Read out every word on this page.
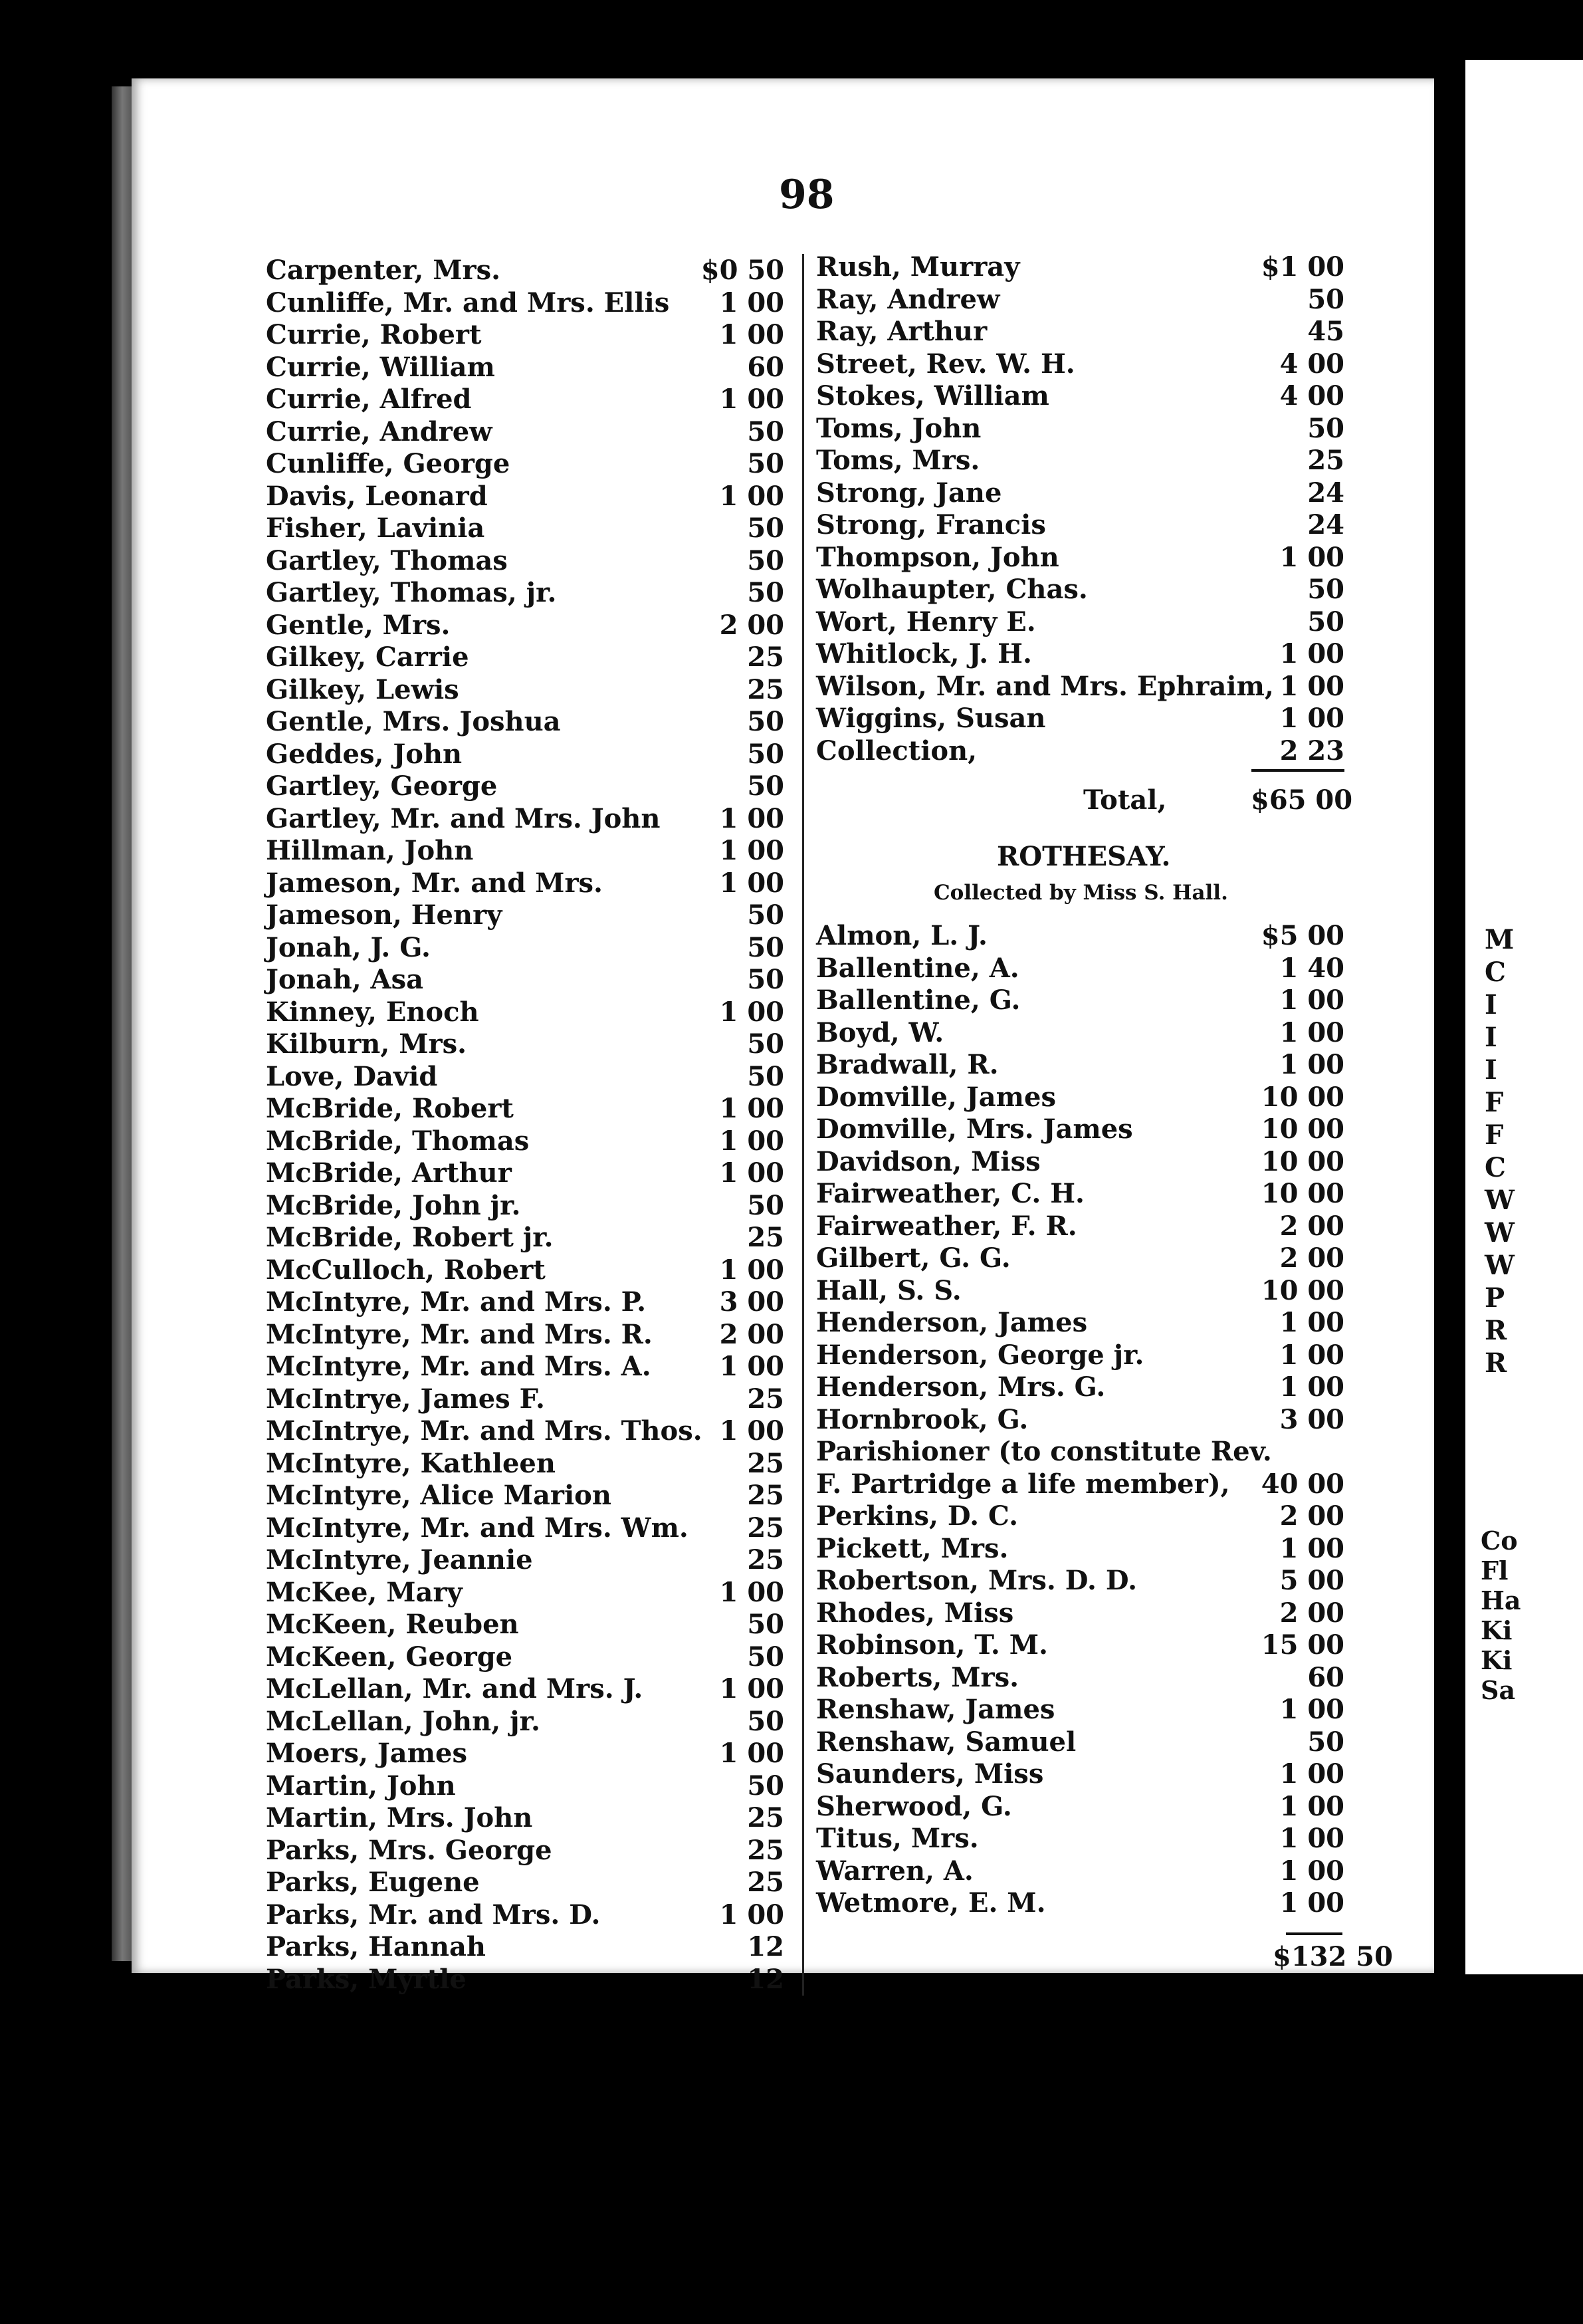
98
Carpenter, Mrs.	$0 50
Cunliffe, Mr. and Mrs. Ellis 1 00
Currie, Robert	1 00
Currie, William	60
Currie, Alfred	1 00
Currie, Andrew	50
Cunliffe, George	50
Davis, Leonard	1 00
Fisher, Lavinia	50
Gartley, Thomas	50
Gartley, Thomas, jr.	50
Gentle, Mrs.	2 00
Gilkey, Carrie	25
Gilkey, Lewis	25
Gentle, Mrs. Joshua	50
Geddes, John	50
Gartley, George	50
Gartley, Mr. and Mrs. John 1 00
Hillman, John	1 00
Jameson, Mr. and Mrs.	1 00
Jameson, Henry	50
Jonah, J. G.	50
Jonah, Asa	50
Kinney, Enoch	1 00
Kilburn, Mrs.	50
Love, David	50
McBride, Robert	1 00
McBride, Thomas	1 00
McBride, Arthur	1 00
McBride, John jr.	50
McBride, Robert jr.	25
McCulloch, Robert	1 00
McIntyre, Mr. and Mrs. P.	3 00
McIntyre, Mr. and Mrs. R.	2 00
McIntyre, Mr. and Mrs. A.	1 00
McIntrye, James F.	25
McIntrye, Mr. and Mrs. Thos. 1 00
McIntyre, Kathleen	25
McIntyre, Alice Marion	25
McIntyre, Mr. and Mrs. Wm. 25
McIntyre, Jeannie	25
McKee, Mary	1 00
McKeen, Reuben	50
McKeen, George	50
McLellan, Mr. and Mrs. J.	1 00
McLellan, John, jr.	50
Moers, James	1 00
Martin, John	50
Martin, Mrs. John	25
Parks, Mrs. George	25
Parks, Eugene	25
Parks, Mr. and Mrs. D.	1 00
Parks, Hannah	12
Parks, Myrtle	12
Rush, Murray	$1 00
Ray, Andrew	50
Ray, Arthur	45
Street, Rev. W. H.	4 00
Stokes, William	4 00
Toms, John	50
Toms, Mrs.	25
Strong, Jane	24
Strong, Francis	24
Thompson, John	1 00
Wolhaupter, Chas.	50
Wort, Henry E.	50
Whitlock, J. H.	1 00
Wilson, Mr. and Mrs. Ephraim, 1 00
Wiggins, Susan	1 00
Collection,	2 23
Total,	$65 00
ROTHESAY.
Collected by Miss S. Hall.
Almon, L. J.	$5 00
Ballentine, A.	1 40
Ballentine, G.	1 00
Boyd, W.	1 00
Bradwall, R.	1 00
Domville, James	10 00
Domville, Mrs. James	10 00
Davidson, Miss	10 00
Fairweather, C. H.	10 00
Fairweather, F. R.	2 00
Gilbert, G. G.	2 00
Hall, S. S.	10 00
Henderson, James	1 00
Henderson, George jr.	1 00
Henderson, Mrs. G.	1 00
Hornbrook, G.	3 00
Parishioner (to constitute Rev.
F. Partridge a life member), 40 00
Perkins, D. C.	2 00
Pickett, Mrs.	1 00
Robertson, Mrs. D. D.	5 00
Rhodes, Miss	2 00
Robinson, T. M.	15 00
Roberts, Mrs.	60
Renshaw, James	1 00
Renshaw, Samuel	50
Saunders, Miss	1 00
Sherwood, G.	1 00
Titus, Mrs.	1 00
Warren, A.	1 00
Wetmore, E. M.	1 00
$132 50
M
C
I
I
I
F
F
C
W
W
W
P
R
R
Co
Fl
Ha
Ki
Ki
Sa
